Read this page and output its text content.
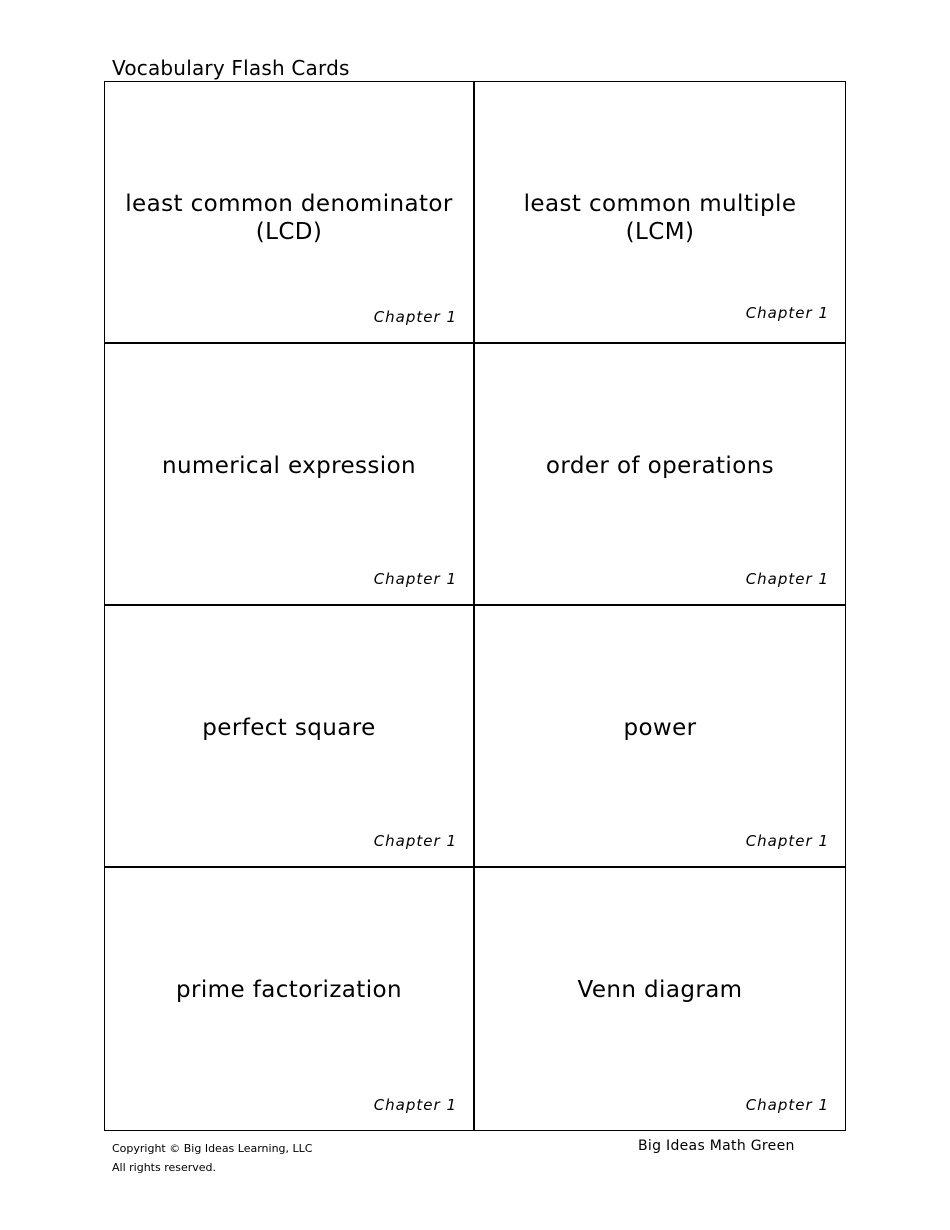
Vocabulary Flash Cards
least common denominator (LCD)
Chapter 1
least common multiple (LCM)
Chapter 1
numerical expression
Chapter 1
order of operations
Chapter 1
perfect square
Chapter 1
power
Chapter 1
prime factorization
Chapter 1
Venn diagram
Chapter 1
Copyright © Big Ideas Learning, LLC
All rights reserved.
Big Ideas Math Green
